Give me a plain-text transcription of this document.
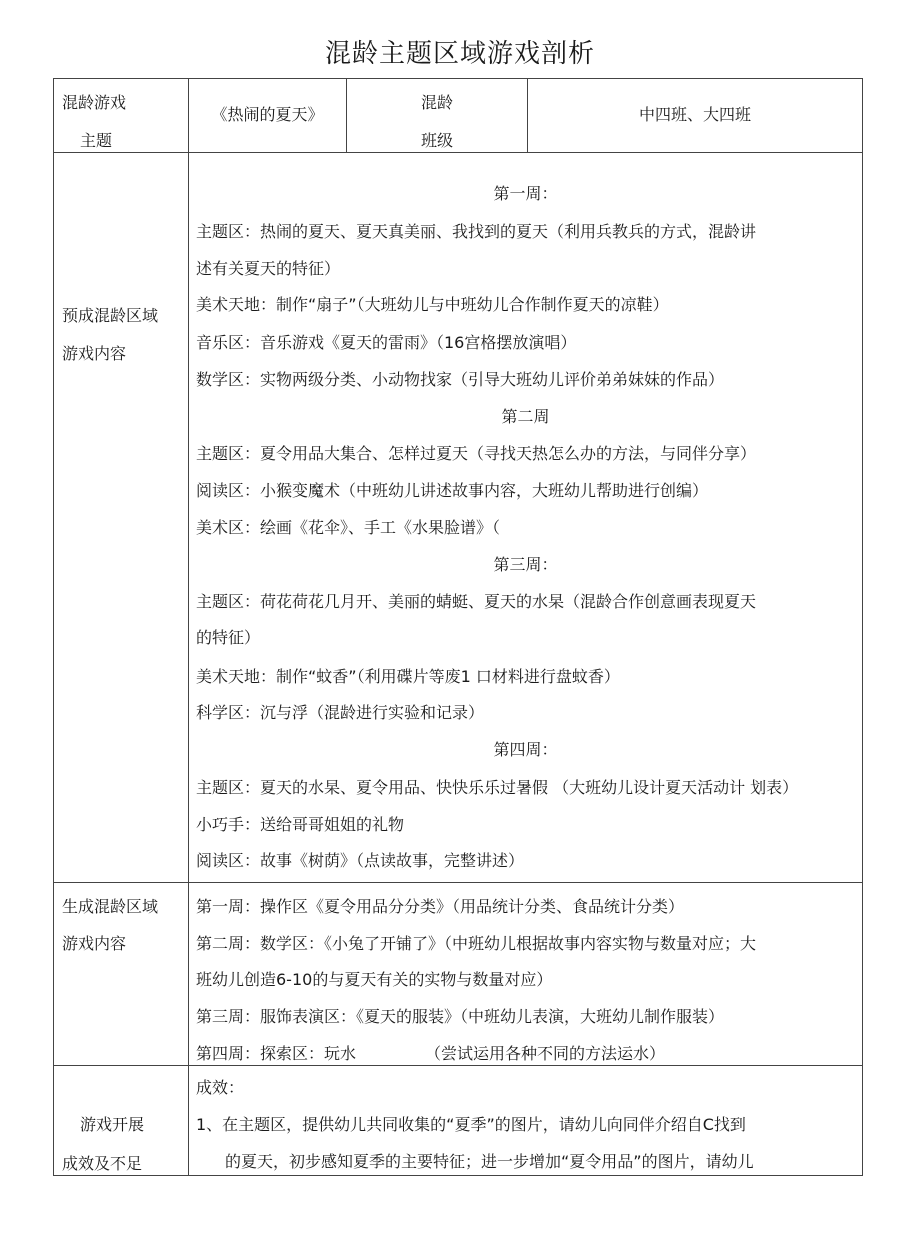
混龄主题区域游戏剖析
混龄游戏
主题
《热闹的夏天》
混龄
班级
中四班、大四班
预成混龄区域
游戏内容
第一周：
主题区：热闹的夏天、夏天真美丽、我找到的夏天（利用兵教兵的方式，混龄讲
述有关夏天的特征）
美术天地：制作“扇子”（大班幼儿与中班幼儿合作制作夏天的凉鞋）
音乐区：音乐游戏《夏天的雷雨》（16宫格摆放演唱）
数学区：实物两级分类、小动物找家（引导大班幼儿评价弟弟妹妹的作品）
第二周
主题区：夏令用品大集合、怎样过夏天（寻找天热怎么办的方法，与同伴分享）
阅读区：小猴变魔术（中班幼儿讲述故事内容，大班幼儿帮助进行创编）
美术区：绘画《花伞》、手工《水果脸谱》（
第三周：
主题区：荷花荷花几月开、美丽的蜻蜓、夏天的水杲（混龄合作创意画表现夏天
的特征）
美术天地：制作“蚊香”（利用碟片等废1 口材料进行盘蚊香）
科学区：沉与浮（混龄进行实验和记录）
第四周：
主题区：夏天的水杲、夏令用品、快快乐乐过暑假 （大班幼儿设计夏天活动计 划表）
小巧手：送给哥哥姐姐的礼物
阅读区：故事《树荫》（点读故事，完整讲述）
生成混龄区域
游戏内容
第一周：操作区《夏令用品分分类》（用品统计分类、食品统计分类）
第二周：数学区：《小兔了开铺了》（中班幼儿根据故事内容实物与数量对应；大
班幼儿创造6-10的与夏天有关的实物与数量对应）
第三周：服饰表演区：《夏天的服装》（中班幼儿表演，大班幼儿制作服装）
第四周：探索区：玩水	（尝试运用各种不同的方法运水）
游戏开展
成效及不足
成效：
1、在主题区，提供幼儿共同收集的“夏季”的图片，请幼儿向同伴介绍自C找到
的夏天，初步感知夏季的主要特征；进一步增加“夏令用品”的图片，请幼儿
